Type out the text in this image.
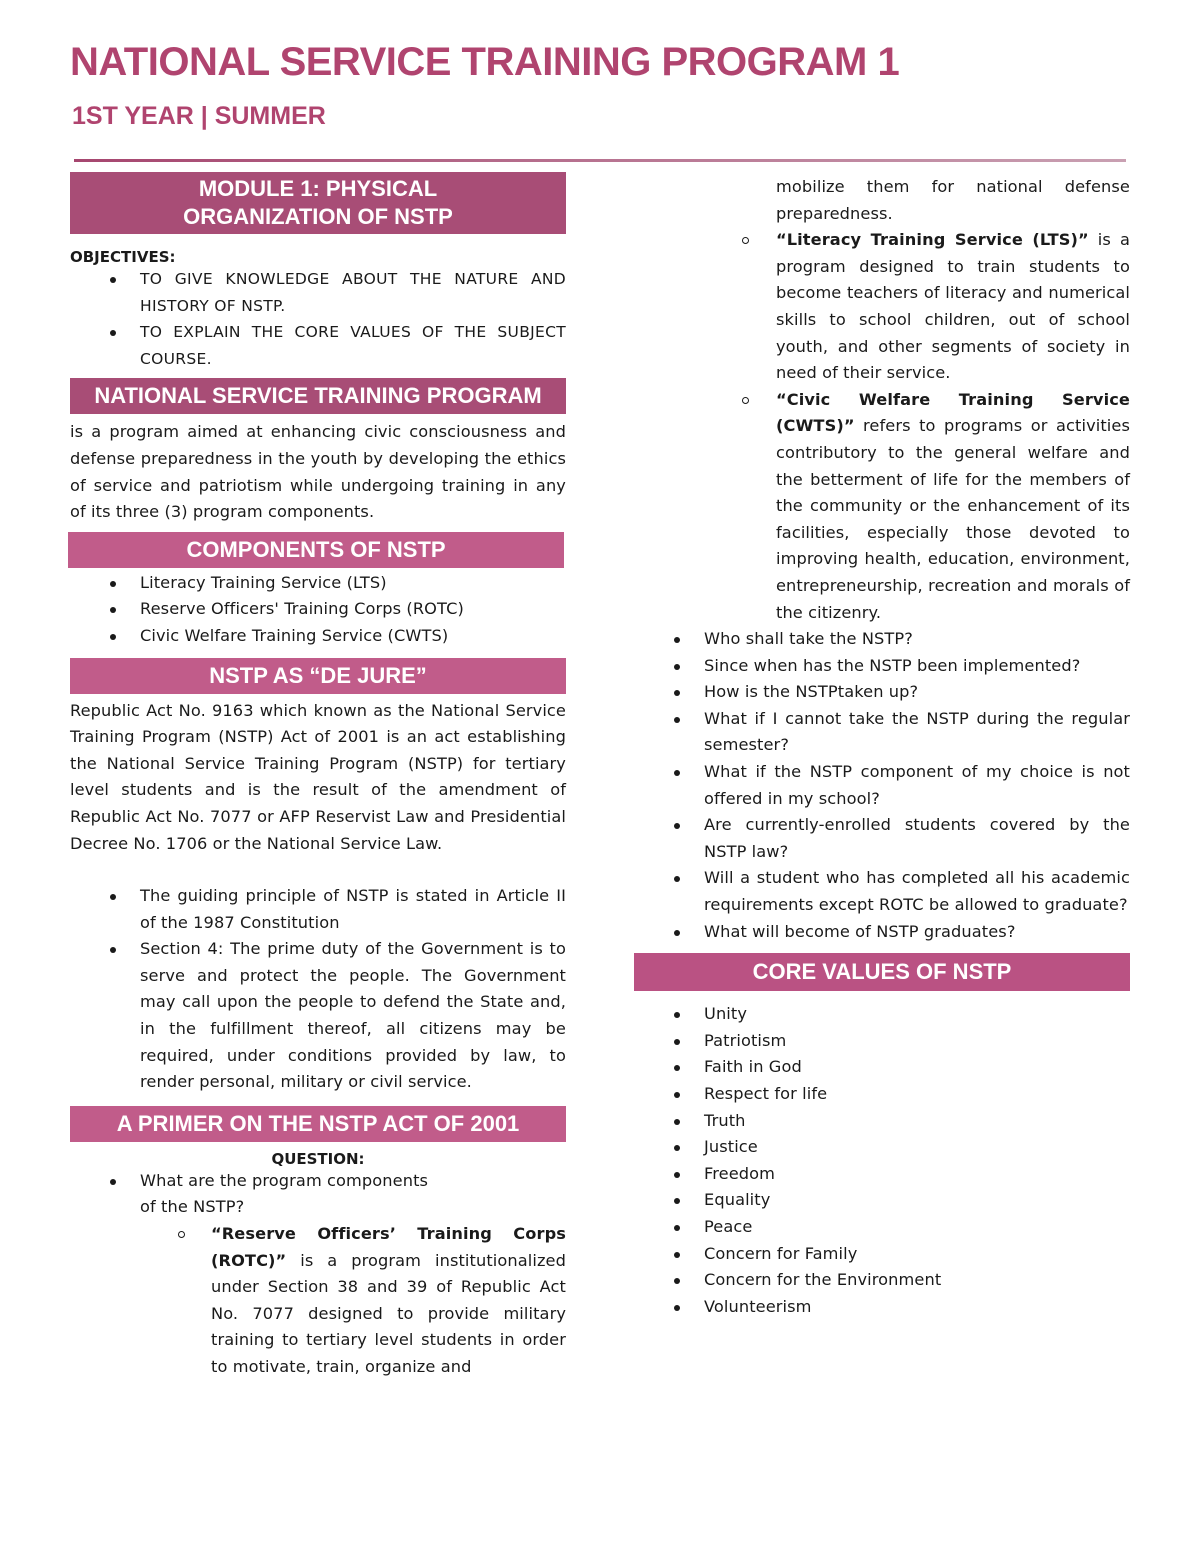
NATIONAL SERVICE TRAINING PROGRAM 1
1ST YEAR | SUMMER
MODULE 1: PHYSICAL ORGANIZATION OF NSTP
OBJECTIVES:
TO GIVE KNOWLEDGE ABOUT THE NATURE AND HISTORY OF NSTP.
TO EXPLAIN THE CORE VALUES OF THE SUBJECT COURSE.
NATIONAL SERVICE TRAINING PROGRAM

is a program aimed at enhancing civic consciousness and defense preparedness in the youth by developing the ethics of service and patriotism while undergoing training in any of its three (3) program components.

COMPONENTS OF NSTP
Literacy Training Service (LTS)
Reserve Officers' Training Corps (ROTC)
Civic Welfare Training Service (CWTS)
NSTP AS “DE JURE”

Republic Act No. 9163 which known as the National Service Training Program (NSTP) Act of 2001 is an act establishing the National Service Training Program (NSTP) for tertiary level students and is the result of the amendment of Republic Act No. 7077 or AFP Reservist Law and Presidential Decree No. 1706 or the National Service Law.

The guiding principle of NSTP is stated in Article II of the 1987 Constitution
Section 4: The prime duty of the Government is to serve and protect the people. The Government may call upon the people to defend the State and, in the fulfillment thereof, all citizens may be required, under conditions provided by law, to render personal, military or civil service.
A PRIMER ON THE NSTP ACT OF 2001
QUESTION:
What are the program components of the NSTP?
“Reserve Officers’ Training Corps (ROTC)” is a program institutionalized under Section 38 and 39 of Republic Act No. 7077 designed to provide military training to tertiary level students in order to motivate, train, organize and

mobilize them for national defense preparedness.

“Literacy Training Service (LTS)” is a program designed to train students to become teachers of literacy and numerical skills to school children, out of school youth, and other segments of society in need of their service.
“Civic Welfare Training Service (CWTS)” refers to programs or activities contributory to the general welfare and the betterment of life for the members of the community or the enhancement of its facilities, especially those devoted to improving health, education, environment, entrepreneurship, recreation and morals of the citizenry.
Who shall take the NSTP?
Since when has the NSTP been implemented?
How is the NSTPtaken up?
What if I cannot take the NSTP during the regular semester?
What if the NSTP component of my choice is not offered in my school?
Are currently-enrolled students covered by the NSTP law?
Will a student who has completed all his academic requirements except ROTC be allowed to graduate?
What will become of NSTP graduates?
CORE VALUES OF NSTP
Unity
Patriotism
Faith in God
Respect for life
Truth
Justice
Freedom
Equality
Peace
Concern for Family
Concern for the Environment
Volunteerism
